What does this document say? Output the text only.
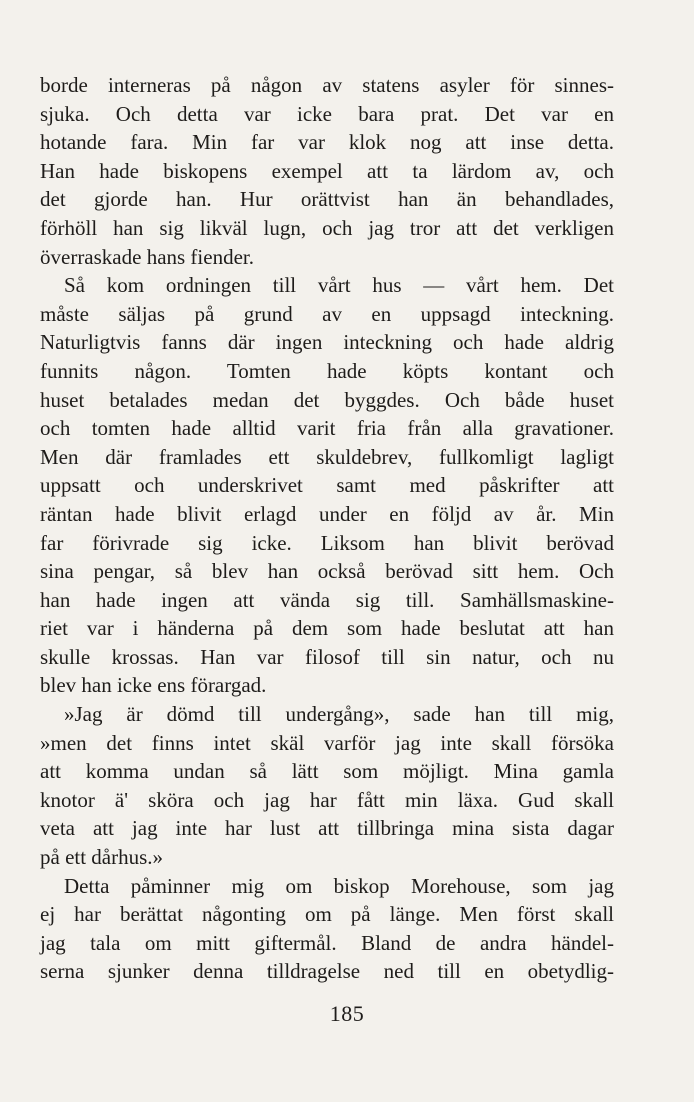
borde interneras på någon av statens asyler för sinnes-
sjuka. Och detta var icke bara prat. Det var en
hotande fara. Min far var klok nog att inse detta.
Han hade biskopens exempel att ta lärdom av, och
det gjorde han. Hur orättvist han än behandlades,
förhöll han sig likväl lugn, och jag tror att det verkligen
överraskade hans fiender.
Så kom ordningen till vårt hus — vårt hem. Det
måste säljas på grund av en uppsagd inteckning.
Naturligtvis fanns där ingen inteckning och hade aldrig
funnits någon. Tomten hade köpts kontant och
huset betalades medan det byggdes. Och både huset
och tomten hade alltid varit fria från alla gravationer.
Men där framlades ett skuldebrev, fullkomligt lagligt
uppsatt och underskrivet samt med påskrifter att
räntan hade blivit erlagd under en följd av år. Min
far förivrade sig icke. Liksom han blivit berövad
sina pengar, så blev han också berövad sitt hem. Och
han hade ingen att vända sig till. Samhällsmaskine-
riet var i händerna på dem som hade beslutat att han
skulle krossas. Han var filosof till sin natur, och nu
blev han icke ens förargad.
»Jag är dömd till undergång», sade han till mig,
»men det finns intet skäl varför jag inte skall försöka
att komma undan så lätt som möjligt. Mina gamla
knotor ä' sköra och jag har fått min läxa. Gud skall
veta att jag inte har lust att tillbringa mina sista dagar
på ett dårhus.»
Detta påminner mig om biskop Morehouse, som jag
ej har berättat någonting om på länge. Men först skall
jag tala om mitt giftermål. Bland de andra händel-
serna sjunker denna tilldragelse ned till en obetydlig-
185
